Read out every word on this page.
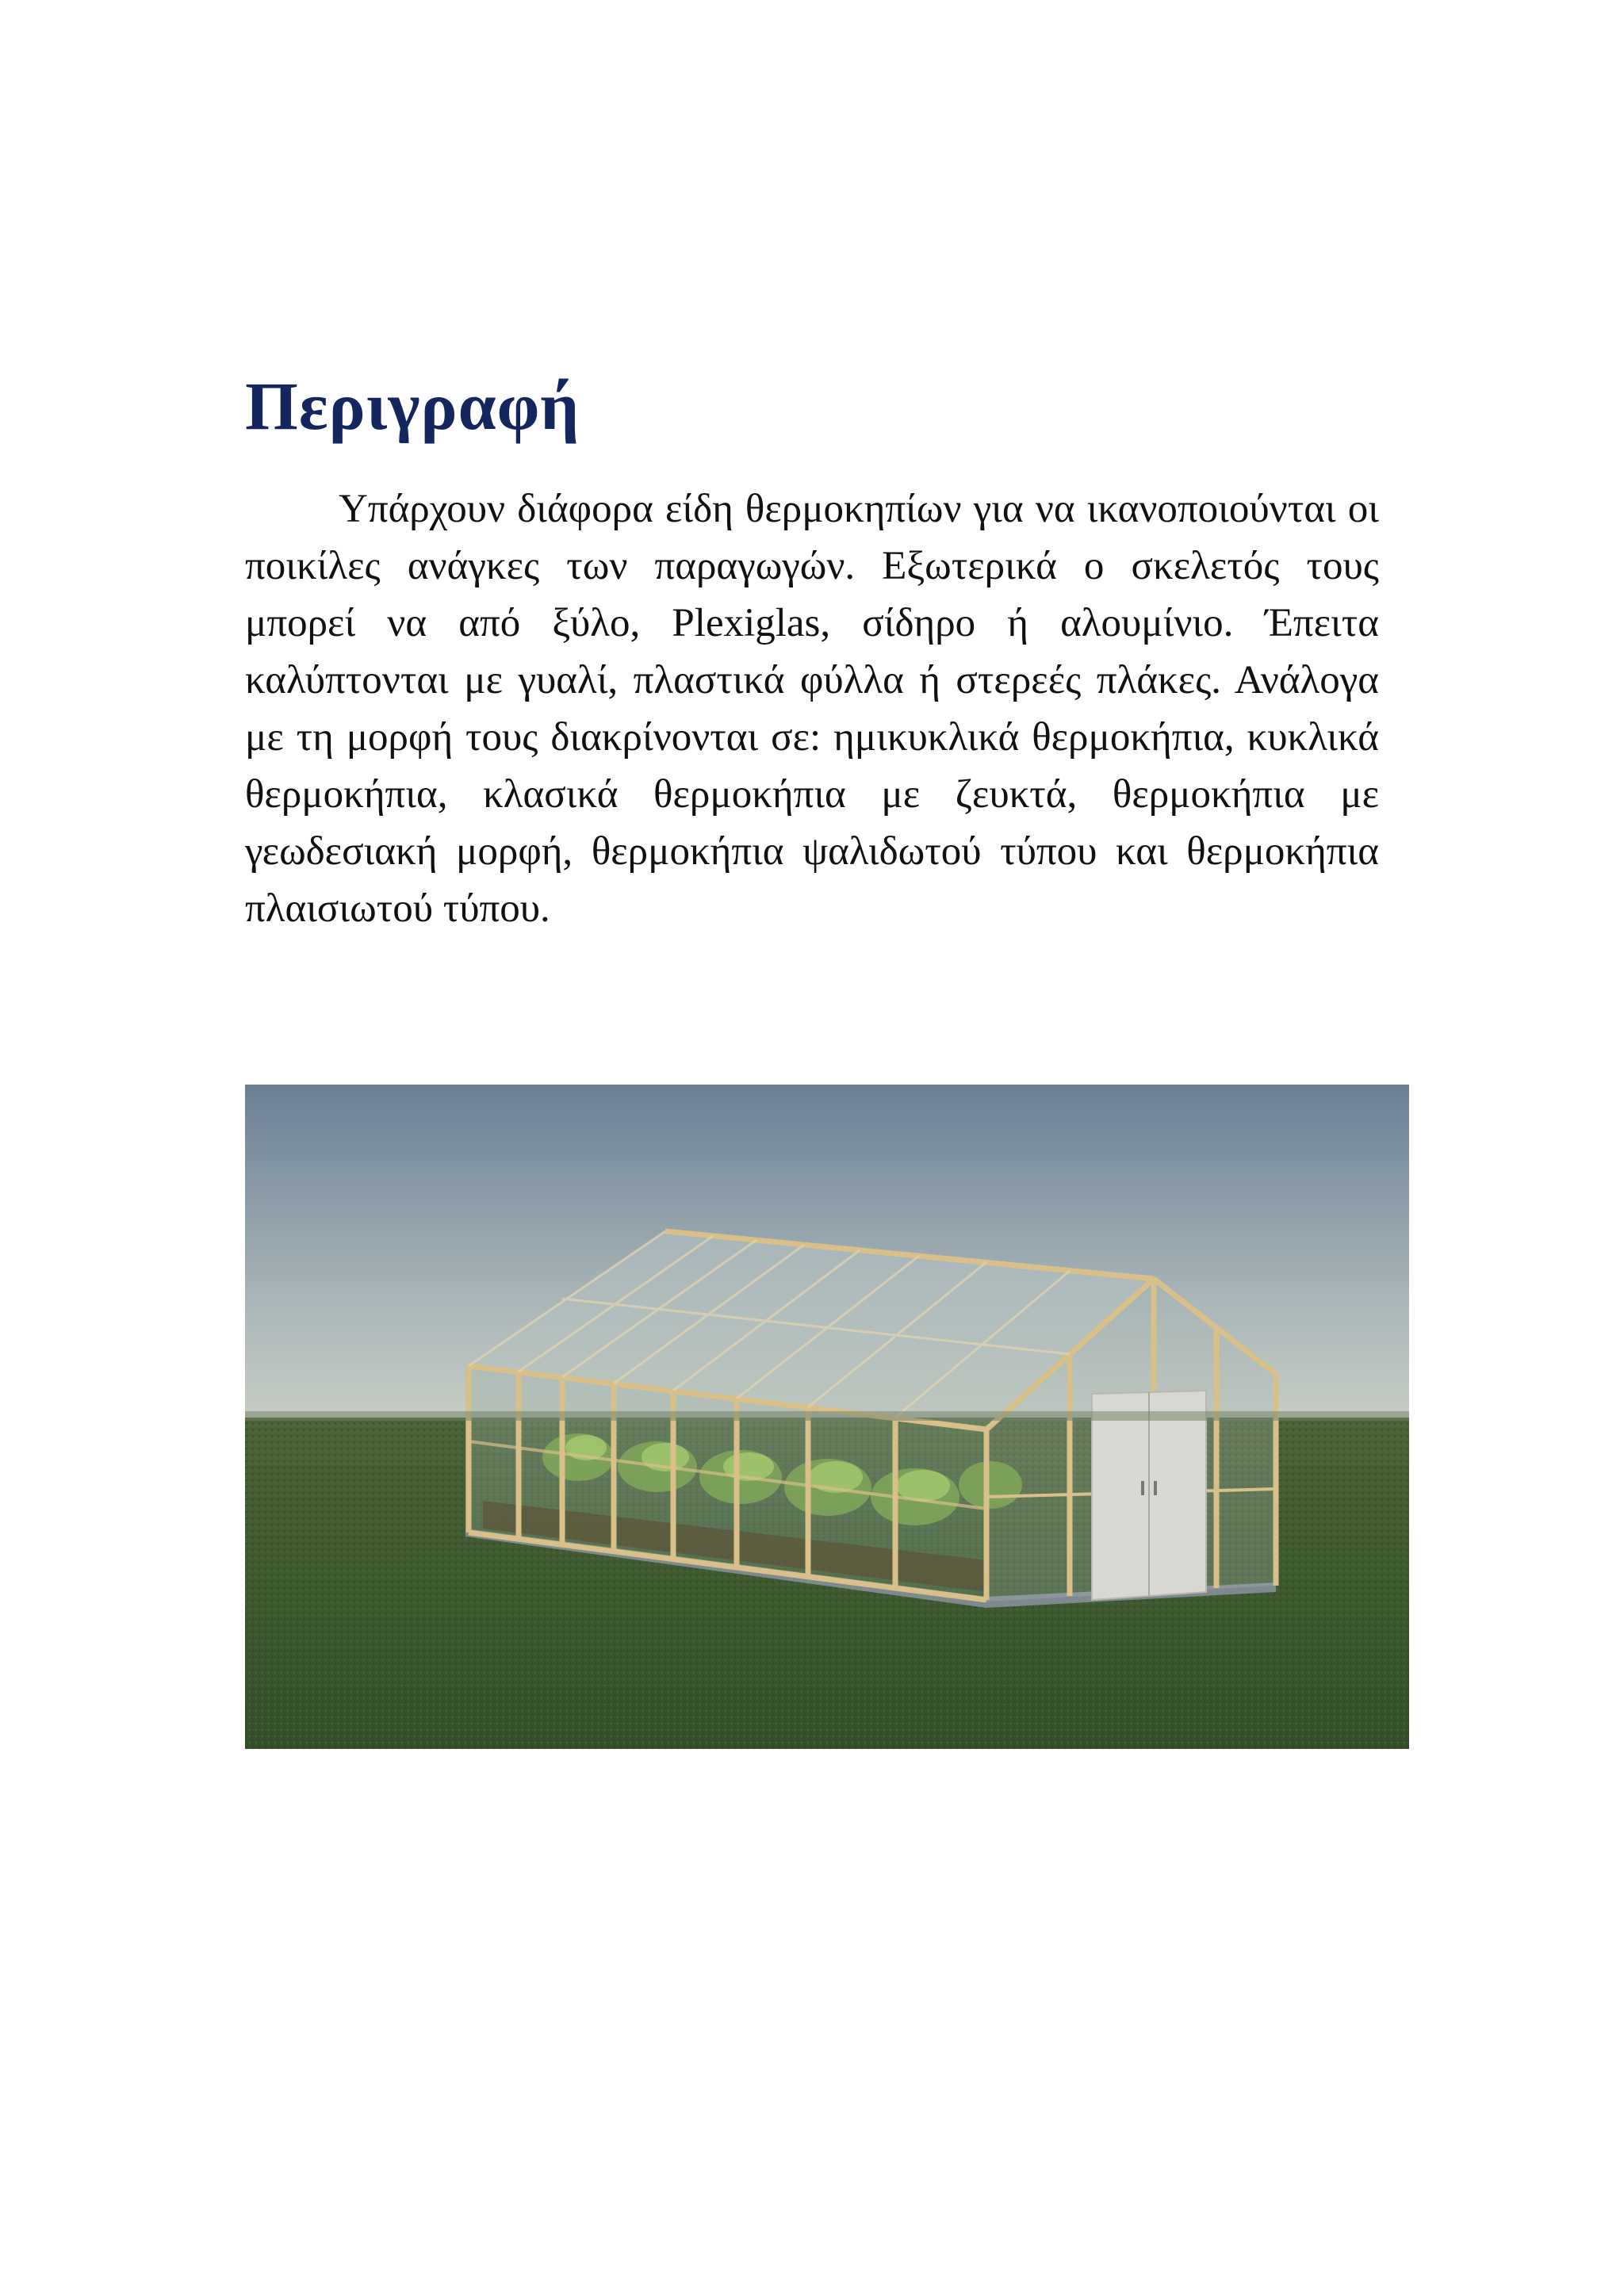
Περιγραφή

Υπάρχουν διάφορα είδη θερμοκηπίων για να ικανοποιούνται οι ποικίλες ανάγκες των παραγωγών. Εξωτερικά ο σκελετός τους μπορεί να από ξύλο, Plexiglas, σίδηρο ή αλουμίνιο. Έπειτα καλύπτονται με γυαλί, πλαστικά φύλλα ή στερεές πλάκες. Ανάλογα με τη μορφή τους διακρίνονται σε: ημικυκλικά θερμοκήπια, κυκλικά θερμοκήπια, κλασικά θερμοκήπια με ζευκτά, θερμοκήπια με γεωδεσιακή μορφή, θερμοκήπια ψαλιδωτού τύπου και θερμοκήπια πλαισιωτού τύπου.
